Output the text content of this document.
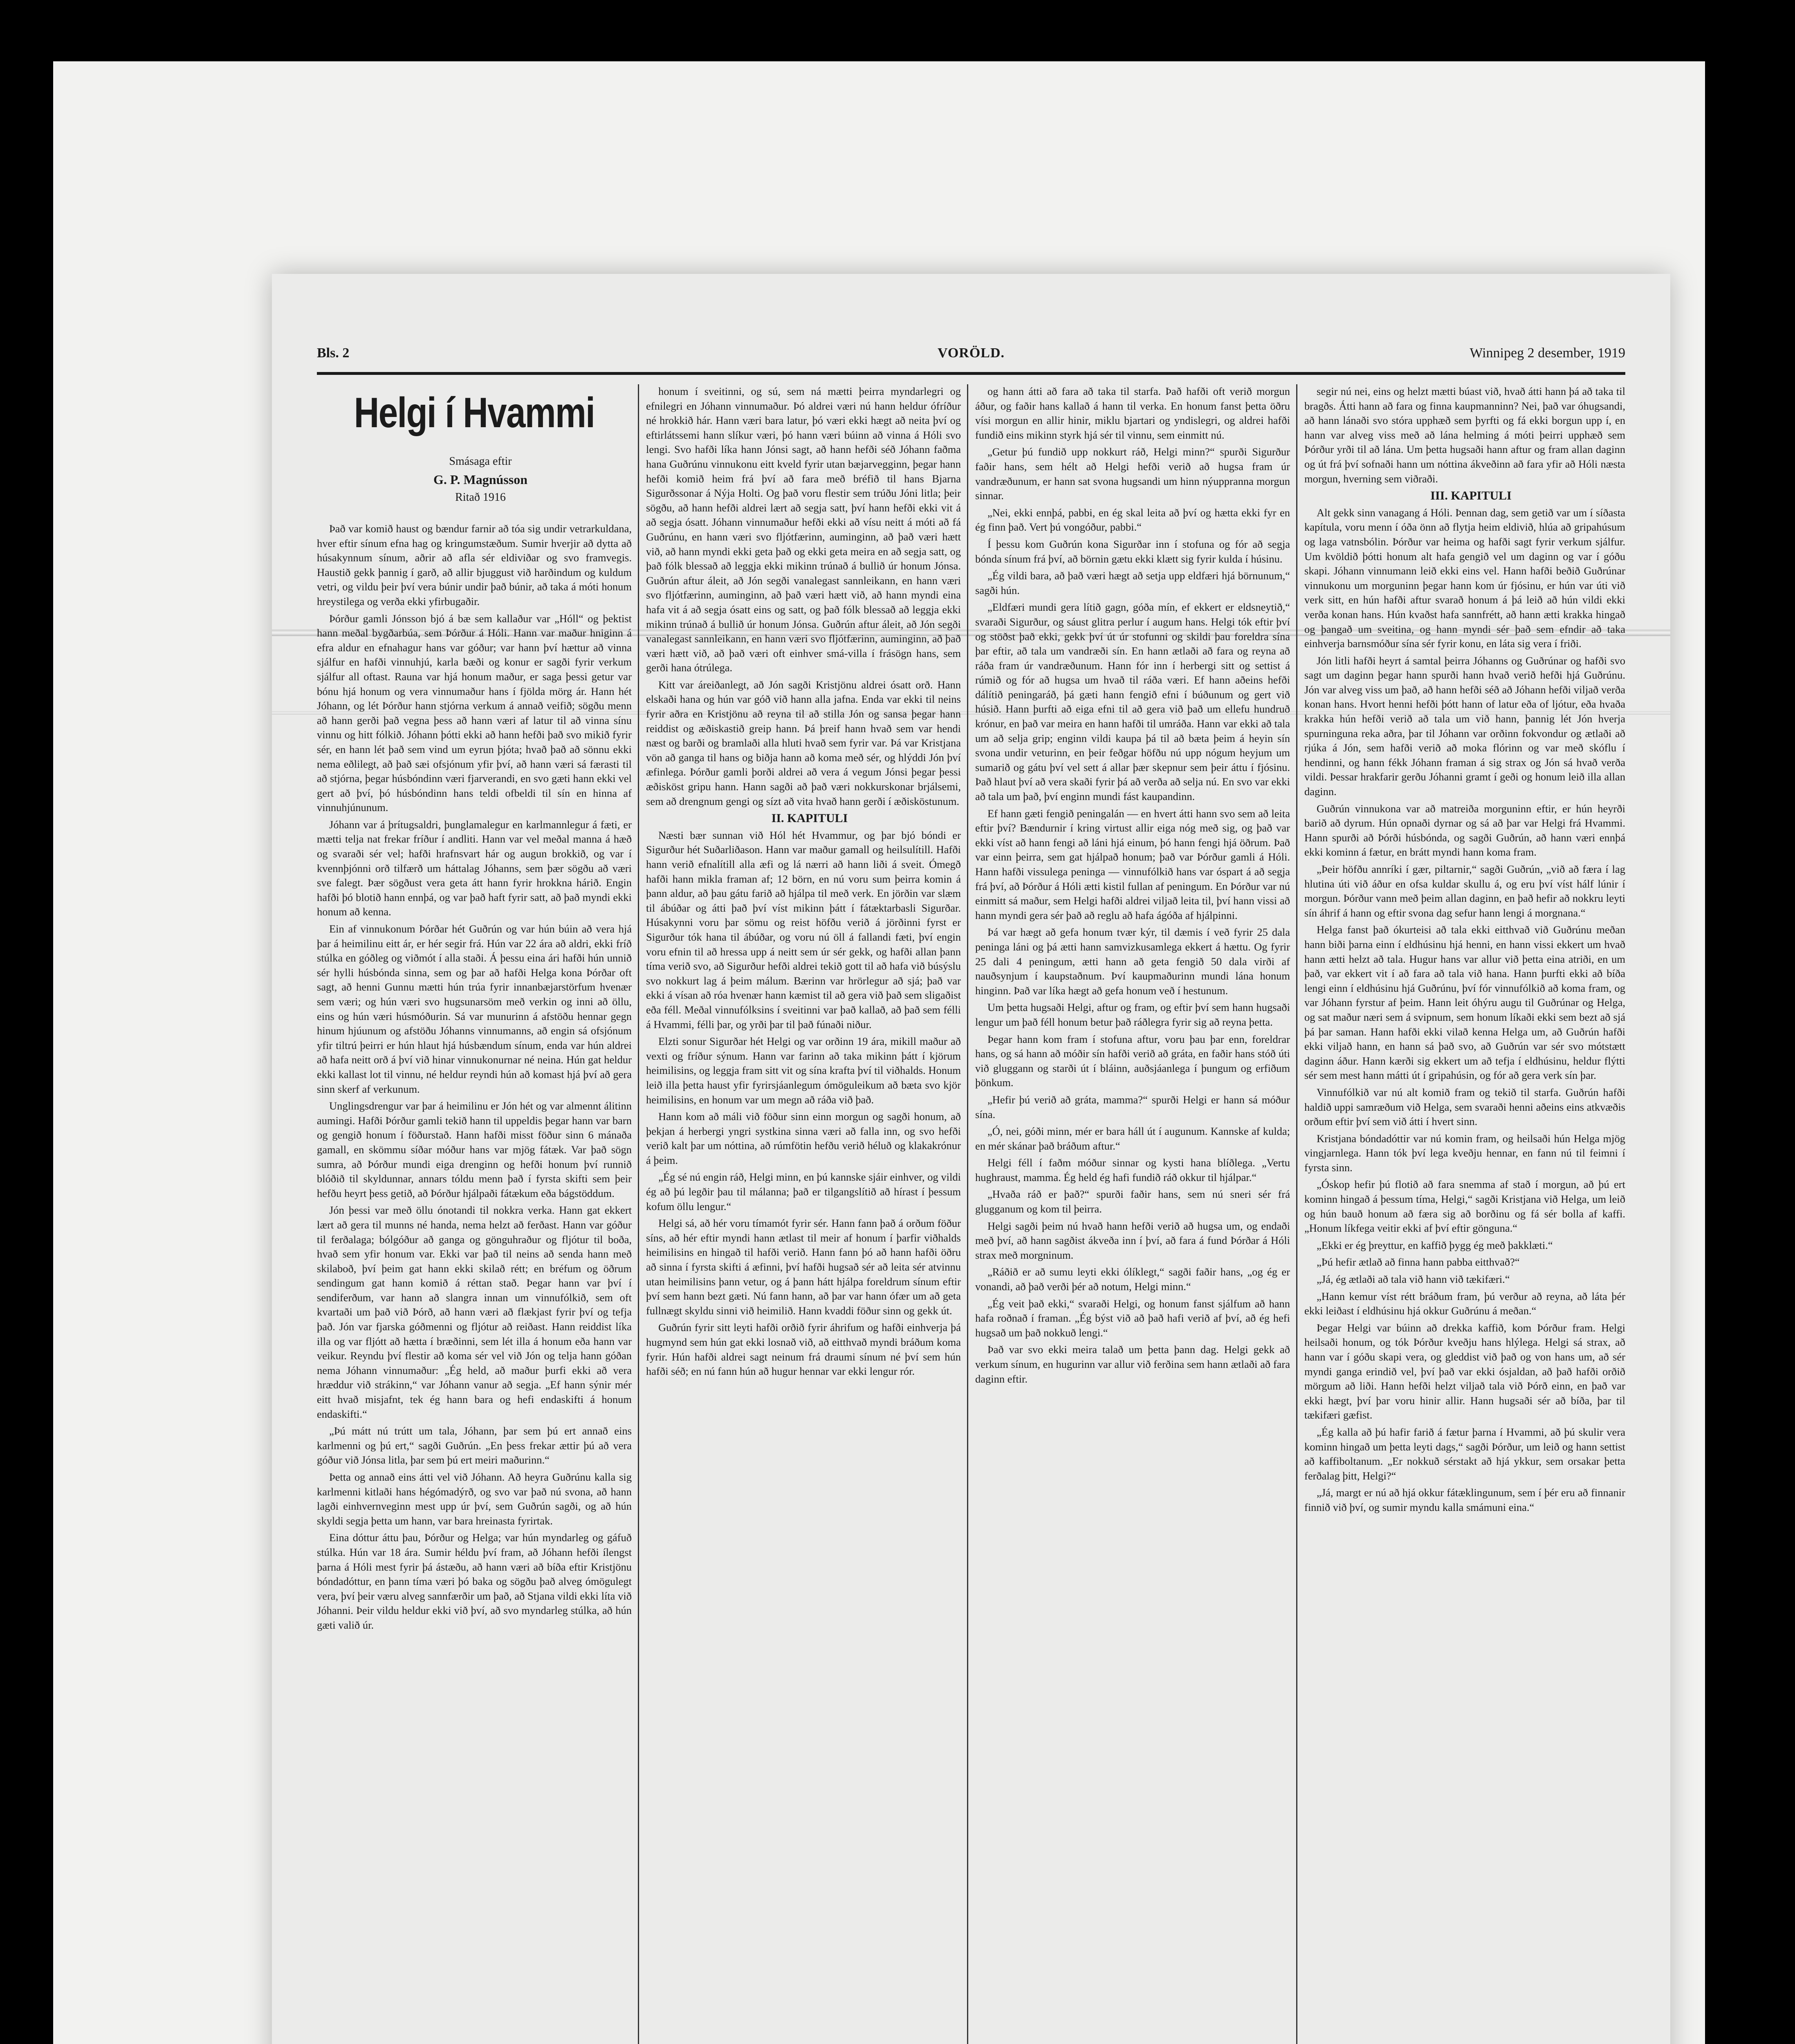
Bls. 2	VORÖLD.	Winnipeg 2 desember, 1919
Helgi í Hvammi

Smásaga eftir

G. P. Magnússon

Ritað 1916

Það var komið haust og bændur farnir að tóa sig undir vetrarkuldana, hver eftir sínum efna hag og kringumstæðum. Sumir hverjir að dytta að húsakynnum sínum, aðrir að afla sér eldiviðar og svo framvegis. Haustið gekk þannig í garð, að allir bjuggust við harðindum og kuldum vetri, og vildu þeir því vera búnir undir það búnir, að taka á móti honum hreystilega og verða ekki yfirbugaðir.

Þórður gamli Jónsson bjó á bæ sem kallaður var „Hóll“ og þektist hann meðal bygðarbúa, sem Þórður á Hóli. Hann var maður hniginn á efra aldur en efnahagur hans var góður; var hann því hættur að vinna sjálfur en hafði vinnuhjú, karla bæði og konur er sagði fyrir verkum sjálfur all oftast. Rauna var hjá honum maður, er saga þessi getur var bónu hjá honum og vera vinnumaður hans í fjölda mörg ár. Hann hét Jóhann, og lét Þórður hann stjórna verkum á annað veifið; sögðu menn að hann gerði það vegna þess að hann væri af latur til að vinna sínu vinnu og hitt fólkið. Jóhann þótti ekki að hann hefði það svo mikið fyrir sér, en hann lét það sem vind um eyrun þjóta; hvað það að sönnu ekki nema eðlilegt, að það sæi ofsjónum yfir því, að hann væri sá færasti til að stjórna, þegar húsbóndinn væri fjarverandi, en svo gæti hann ekki vel gert að því, þó húsbóndinn hans teldi ofbeldi til sín en hinna af vinnuhjúnunum.

Jóhann var á þrítugsaldri, þunglamalegur en karlmannlegur á fæti, er mætti telja nat frekar fríður í andliti. Hann var vel meðal manna á hæð og svaraði sér vel; hafði hrafnsvart hár og augun brokkið, og var í kvennþjónni orð tilfærð um háttalag Jóhanns, sem þær sögðu að væri sve falegt. Þær sögðust vera geta átt hann fyrir hrokkna hárið. Engin hafði þó blotið hann ennþá, og var það haft fyrir satt, að það myndi ekki honum að kenna.

Ein af vinnukonum Þórðar hét Guðrún og var hún búin að vera hjá þar á heimilinu eitt ár, er hér segir frá. Hún var 22 ára að aldri, ekki fríð stúlka en góðleg og viðmót í alla staði. Á þessu eina ári hafði hún unnið sér hylli húsbónda sinna, sem og þar að hafði Helga kona Þórðar oft sagt, að henni Gunnu mætti hún trúa fyrir innanbæjarstörfum hvenær sem væri; og hún væri svo hugsunarsöm með verkin og inni að öllu, eins og hún væri húsmóðurin. Sá var munurinn á afstöðu hennar gegn hinum hjúunum og afstöðu Jóhanns vinnumanns, að engin sá ofsjónum yfir tiltrú þeirri er hún hlaut hjá húsbændum sínum, enda var hún aldrei að hafa neitt orð á því við hinar vinnukonurnar né neina. Hún gat heldur ekki kallast lot til vinnu, né heldur reyndi hún að komast hjá því að gera sinn skerf af verkunum.

Unglingsdrengur var þar á heimilinu er Jón hét og var almennt álitinn aumingi. Hafði Þórður gamli tekið hann til uppeldis þegar hann var barn og gengið honum í föðurstað. Hann hafði misst föður sinn 6 mánaða gamall, en skömmu síðar móður hans var mjög fátæk. Var það sögn sumra, að Þórður mundi eiga drenginn og hefði honum því runnið blóðið til skyldunnar, annars tóldu menn það í fyrsta skifti sem þeir hefðu heyrt þess getið, að Þórður hjálpaði fátækum eða bágstöddum.

Jón þessi var með öllu ónotandi til nokkra verka. Hann gat ekkert lært að gera til munns né handa, nema helzt að ferðast. Hann var góður til ferðalaga; bólgóður að ganga og gönguhraður og fljótur til boða, hvað sem yfir honum var. Ekki var það til neins að senda hann með skilaboð, því þeim gat hann ekki skilað rétt; en bréfum og öðrum sendingum gat hann komið á réttan stað. Þegar hann var því í sendiferðum, var hann að slangra innan um vinnufólkið, sem oft kvartaði um það við Þórð, að hann væri að flækjast fyrir því og tefja það. Jón var fjarska góðmenni og fljótur að reiðast. Hann reiddist líka illa og var fljótt að hætta í bræðinni, sem lét illa á honum eða hann var veikur. Reyndu því flestir að koma sér vel við Jón og telja hann góðan nema Jóhann vinnumaður: „Ég held, að maður þurfi ekki að vera hræddur við strákinn,“ var Jóhann vanur að segja. „Ef hann sýnir mér eitt hvað misjafnt, tek ég hann bara og hefi endaskifti á honum endaskifti.“

„Þú mátt nú trútt um tala, Jóhann, þar sem þú ert annað eins karlmenni og þú ert,“ sagði Guðrún. „En þess frekar ættir þú að vera góður við Jónsa litla, þar sem þú ert meiri maðurinn.“

Þetta og annað eins átti vel við Jóhann. Að heyra Guðrúnu kalla sig karlmenni kitlaði hans hégómadýrð, og svo var það nú svona, að hann lagði einhvernveginn mest upp úr því, sem Guðrún sagði, og að hún skyldi segja þetta um hann, var bara hreinasta fyrirtak.

Eina dóttur áttu þau, Þórður og Helga; var hún myndarleg og gáfuð stúlka. Hún var 18 ára. Sumir héldu því fram, að Jóhann hefði ílengst þarna á Hóli mest fyrir þá ástæðu, að hann væri að bíða eftir Kristjönu bóndadóttur, en þann tíma væri þó baka og sögðu það alveg ómögulegt vera, því þeir væru alveg sannfærðir um það, að Stjana vildi ekki líta við Jóhanni. Þeir vildu heldur ekki við því, að svo myndarleg stúlka, að hún gæti valið úr.

honum í sveitinni, og sú, sem ná mætti þeirra myndarlegri og efnilegri en Jóhann vinnumaður. Þó aldrei væri nú hann heldur ófríður né hrokkið hár. Hann væri bara latur, þó væri ekki hægt að neita því og eftirlátssemi hann slíkur væri, þó hann væri búinn að vinna á Hóli svo lengi. Svo hafði líka hann Jónsi sagt, að hann hefði séð Jóhann faðma hana Guðrúnu vinnukonu eitt kveld fyrir utan bæjarvegginn, þegar hann hefði komið heim frá því að fara með bréfið til hans Bjarna Sigurðssonar á Nýja Holti. Og það voru flestir sem trúðu Jóni litla; þeir sögðu, að hann hefði aldrei lært að segja satt, því hann hefði ekki vit á að segja ósatt. Jóhann vinnumaður hefði ekki að vísu neitt á móti að fá Guðrúnu, en hann væri svo fljótfærinn, auminginn, að það væri hætt við, að hann myndi ekki geta það og ekki geta meira en að segja satt, og það fólk blessað að leggja ekki mikinn trúnað á bullið úr honum Jónsa. Guðrún aftur áleit, að Jón segði vanalegast sannleikann, en hann væri svo fljótfærinn, auminginn, að það væri hætt við, að hann myndi eina hafa vit á að segja ósatt eins og satt, og það fólk blessað að leggja ekki mikinn trúnað á bullið úr honum Jónsa. Guðrún aftur áleit, að Jón segði vanalegast sannleikann, en hann væri svo fljótfærinn, auminginn, að það væri hætt við, að það væri oft einhver smá-villa í frásögn hans, sem gerði hana ótrúlega.

Kitt var áreiðanlegt, að Jón sagði Kristjönu aldrei ósatt orð. Hann elskaði hana og hún var góð við hann alla jafna. Enda var ekki til neins fyrir aðra en Kristjönu að reyna til að stilla Jón og sansa þegar hann reiddist og æðiskastið greip hann. Þá þreif hann hvað sem var hendi næst og barði og bramlaði alla hluti hvað sem fyrir var. Þá var Kristjana vön að ganga til hans og biðja hann að koma með sér, og hlýddi Jón því æfinlega. Þórður gamli þorði aldrei að vera á vegum Jónsi þegar þessi æðisköst gripu hann. Hann sagði að það væri nokkurskonar brjálsemi, sem að drengnum gengi og sízt að vita hvað hann gerði í æðisköstunum.

II. KAPITULI

Næsti bær sunnan við Hól hét Hvammur, og þar bjó bóndi er Sigurður hét Suðarliðason. Hann var maður gamall og heilsulítill. Hafði hann verið efnalítill alla æfi og lá nærri að hann liði á sveit. Ómegð hafði hann mikla framan af; 12 börn, en nú voru sum þeirra komin á þann aldur, að þau gátu farið að hjálpa til með verk. En jörðin var slæm til ábúðar og átti það því víst mikinn þátt í fátæktarbasli Sigurðar. Húsakynni voru þar sömu og reist höfðu verið á jörðinni fyrst er Sigurður tók hana til ábúðar, og voru nú öll á fallandi fæti, því engin voru efnin til að hressa upp á neitt sem úr sér gekk, og hafði allan þann tíma verið svo, að Sigurður hefði aldrei tekið gott til að hafa við búsýslu svo nokkurt lag á þeim málum. Bærinn var hrörlegur að sjá; það var ekki á vísan að róa hvenær hann kæmist til að gera við það sem sligaðist eða féll. Meðal vinnufólksins í sveitinni var það kallað, að það sem félli á Hvammi, félli þar, og yrði þar til það fúnaði niður.

Elzti sonur Sigurðar hét Helgi og var orðinn 19 ára, mikill maður að vexti og fríður sýnum. Hann var farinn að taka mikinn þátt í kjörum heimilisins, og leggja fram sitt vit og sína krafta því til viðhalds. Honum leið illa þetta haust yfir fyrirsjáanlegum ómöguleikum að bæta svo kjör heimilisins, en honum var um megn að ráða við það.

Hann kom að máli við föður sinn einn morgun og sagði honum, að þekjan á herbergi yngri systkina sinna væri að falla inn, og svo hefði verið kalt þar um nóttina, að rúmfötin hefðu verið héluð og klakakrónur á þeim.

„Ég sé nú engin ráð, Helgi minn, en þú kannske sjáir einhver, og vildi ég að þú legðir þau til málanna; það er tilgangslítið að hírast í þessum kofum öllu lengur.“

Helgi sá, að hér voru tímamót fyrir sér. Hann fann það á orðum föður síns, að hér eftir myndi hann ætlast til meir af honum í þarfir viðhalds heimilisins en hingað til hafði verið. Hann fann þó að hann hafði öðru að sinna í fyrsta skifti á æfinni, því hafði hugsað sér að leita sér atvinnu utan heimilisins þann vetur, og á þann hátt hjálpa foreldrum sínum eftir því sem hann bezt gæti. Nú fann hann, að þar var hann ófær um að geta fullnægt skyldu sinni við heimilið. Hann kvaddi föður sinn og gekk út.

Guðrún fyrir sitt leyti hafði orðið fyrir áhrifum og hafði einhverja þá hugmynd sem hún gat ekki losnað við, að eitthvað myndi bráðum koma fyrir. Hún hafði aldrei sagt neinum frá draumi sínum né því sem hún hafði séð; en nú fann hún að hugur hennar var ekki lengur rór.

og hann átti að fara að taka til starfa. Það hafði oft verið morgun áður, og faðir hans kallað á hann til verka. En honum fanst þetta öðru vísi morgun en allir hinir, miklu bjartari og yndislegri, og aldrei hafði fundið eins mikinn styrk hjá sér til vinnu, sem einmitt nú.

„Getur þú fundið upp nokkurt ráð, Helgi minn?“ spurði Sigurður faðir hans, sem hélt að Helgi hefði verið að hugsa fram úr vandræðunum, er hann sat svona hugsandi um hinn nýuppranna morgun sinnar.

„Nei, ekki ennþá, pabbi, en ég skal leita að því og hætta ekki fyr en ég finn það. Vert þú vongóður, pabbi.“

Í þessu kom Guðrún kona Sigurðar inn í stofuna og fór að segja bónda sínum frá því, að börnin gætu ekki klætt sig fyrir kulda í húsinu.

„Ég vildi bara, að það væri hægt að setja upp eldfæri hjá börnunum,“ sagði hún.

„Eldfæri mundi gera lítið gagn, góða mín, ef ekkert er eldsneytið,“ svaraði Sigurður, og sáust glitra perlur í augum hans. Helgi tók eftir því og stöðst það ekki, gekk því út úr stofunni og skildi þau foreldra sína þar eftir, að tala um vandræði sín. En hann ætlaði að fara og reyna að ráða fram úr vandræðunum. Hann fór inn í herbergi sitt og settist á rúmið og fór að hugsa um hvað til ráða væri. Ef hann aðeins hefði dálítið peningaráð, þá gæti hann fengið efni í búðunum og gert við húsið. Hann þurfti að eiga efni til að gera við það um ellefu hundruð krónur, en það var meira en hann hafði til umráða. Hann var ekki að tala um að selja grip; enginn vildi kaupa þá til að bæta þeim á heyin sín svona undir veturinn, en þeir feðgar höfðu nú upp nógum heyjum um sumarið og gátu því vel sett á allar þær skepnur sem þeir áttu í fjósinu. Það hlaut því að vera skaði fyrir þá að verða að selja nú. En svo var ekki að tala um það, því enginn mundi fást kaupandinn.

Ef hann gæti fengið peningalán — en hvert átti hann svo sem að leita eftir því? Bændurnir í kring virtust allir eiga nóg með sig, og það var ekki víst að hann fengi að láni hjá einum, þó hann fengi hjá öðrum. Það var einn þeirra, sem gat hjálpað honum; það var Þórður gamli á Hóli. Hann hafði vissulega peninga — vinnufólkið hans var óspart á að segja frá því, að Þórður á Hóli ætti kistil fullan af peningum. En Þórður var nú einmitt sá maður, sem Helgi hafði aldrei viljað leita til, því hann vissi að hann myndi gera sér það að reglu að hafa ágóða af hjálpinni.

Þá var hægt að gefa honum tvær kýr, til dæmis í veð fyrir 25 dala peninga láni og þá ætti hann samvizkusamlega ekkert á hættu. Og fyrir 25 dali 4 peningum, ætti hann að geta fengið 50 dala virði af nauðsynjum í kaupstaðnum. Því kaupmaðurinn mundi lána honum hinginn. Það var líka hægt að gefa honum veð í hestunum.

Um þetta hugsaði Helgi, aftur og fram, og eftir því sem hann hugsaði lengur um það féll honum betur það ráðlegra fyrir sig að reyna þetta.

Þegar hann kom fram í stofuna aftur, voru þau þar enn, foreldrar hans, og sá hann að móðir sín hafði verið að gráta, en faðir hans stóð úti við gluggann og starði út í bláinn, auðsjáanlega í þungum og erfiðum þönkum.

„Hefir þú verið að gráta, mamma?“ spurði Helgi er hann sá móður sína.

„Ó, nei, góði minn, mér er bara háll út í augunum. Kannske af kulda; en mér skánar það bráðum aftur.“

Helgi féll í faðm móður sinnar og kysti hana blíðlega. „Vertu hughraust, mamma. Ég held ég hafi fundið ráð okkur til hjálpar.“

„Hvaða ráð er það?“ spurði faðir hans, sem nú sneri sér frá glugganum og kom til þeirra.

Helgi sagði þeim nú hvað hann hefði verið að hugsa um, og endaði með því, að hann sagðist ákveða inn í því, að fara á fund Þórðar á Hóli strax með morgninum.

„Ráðið er að sumu leyti ekki ólíklegt,“ sagði faðir hans, „og ég er vonandi, að það verði þér að notum, Helgi minn.“

„Ég veit það ekki,“ svaraði Helgi, og honum fanst sjálfum að hann hafa roðnað í framan. „Ég býst við að það hafi verið af því, að ég hefi hugsað um það nokkuð lengi.“

Það var svo ekki meira talað um þetta þann dag. Helgi gekk að verkum sínum, en hugurinn var allur við ferðina sem hann ætlaði að fara daginn eftir.

segir nú nei, eins og helzt mætti búast við, hvað átti hann þá að taka til bragðs. Átti hann að fara og finna kaupmanninn? Nei, það var óhugsandi, að hann lánaði svo stóra upphæð sem þyrfti og fá ekki borgun upp í, en hann var alveg viss með að lána helming á móti þeirri upphæð sem Þórður yrði til að lána. Um þetta hugsaði hann aftur og fram allan daginn og út frá því sofnaði hann um nóttina ákveðinn að fara yfir að Hóli næsta morgun, hverning sem viðraði.

III. KAPITULI

Alt gekk sinn vanagang á Hóli. Þennan dag, sem getið var um í síðasta kapítula, voru menn í óða önn að flytja heim eldivið, hlúa að gripahúsum og laga vatnsbólin. Þórður var heima og hafði sagt fyrir verkum sjálfur. Um kvöldið þótti honum alt hafa gengið vel um daginn og var í góðu skapi. Jóhann vinnumann leið ekki eins vel. Hann hafði beðið Guðrúnar vinnukonu um morguninn þegar hann kom úr fjósinu, er hún var úti við verk sitt, en hún hafði aftur svarað honum á þá leið að hún vildi ekki verða konan hans. Hún kvaðst hafa sannfrétt, að hann ætti krakka hingað og þangað um sveitina, og hann myndi sér það sem efndir að taka einhverja barnsmóður sína sér fyrir konu, en láta sig vera í friði.

Jón litli hafði heyrt á samtal þeirra Jóhanns og Guðrúnar og hafði svo sagt um daginn þegar hann spurði hann hvað verið hefði hjá Guðrúnu. Jón var alveg viss um það, að hann hefði séð að Jóhann hefði viljað verða konan hans. Hvort henni hefði þótt hann of latur eða of ljótur, eða hvaða krakka hún hefði verið að tala um við hann, þannig lét Jón hverja spurninguna reka aðra, þar til Jóhann var orðinn fokvondur og ætlaði að rjúka á Jón, sem hafði verið að moka flórinn og var með skóflu í hendinni, og hann fékk Jóhann framan á sig strax og Jón sá hvað verða vildi. Þessar hrakfarir gerðu Jóhanni gramt í geði og honum leið illa allan daginn.

Guðrún vinnukona var að matreiða morguninn eftir, er hún heyrði barið að dyrum. Hún opnaði dyrnar og sá að þar var Helgi frá Hvammi. Hann spurði að Þórði húsbónda, og sagði Guðrún, að hann væri ennþá ekki kominn á fætur, en brátt myndi hann koma fram.

„Þeir höfðu annríki í gær, piltarnir,“ sagði Guðrún, „við að færa í lag hlutina úti við áður en ofsa kuldar skullu á, og eru því víst hálf lúnir í morgun. Þórður vann með þeim allan daginn, en það hefir að nokkru leyti sín áhrif á hann og eftir svona dag sefur hann lengi á morgnana.“

Helga fanst það ókurteisi að tala ekki eitthvað við Guðrúnu meðan hann biði þarna einn í eldhúsinu hjá henni, en hann vissi ekkert um hvað hann ætti helzt að tala. Hugur hans var allur við þetta eina atriði, en um það, var ekkert vit í að fara að tala við hana. Hann þurfti ekki að bíða lengi einn í eldhúsinu hjá Guðrúnu, því fór vinnufólkið að koma fram, og var Jóhann fyrstur af þeim. Hann leit óhýru augu til Guðrúnar og Helga, og sat maður næri sem á svipnum, sem honum líkaði ekki sem bezt að sjá þá þar saman. Hann hafði ekki vilað kenna Helga um, að Guðrún hafði ekki viljað hann, en hann sá það svo, að Guðrún var sér svo mótstætt daginn áður. Hann kærði sig ekkert um að tefja í eldhúsinu, heldur flýtti sér sem mest hann mátti út í gripahúsin, og fór að gera verk sín þar.

Vinnufólkið var nú alt komið fram og tekið til starfa. Guðrún hafði haldið uppi samræðum við Helga, sem svaraði henni aðeins eins atkvæðis orðum eftir því sem við átti í hvert sinn.

Kristjana bóndadóttir var nú komin fram, og heilsaði hún Helga mjög vingjarnlega. Hann tók því lega kveðju hennar, en fann nú til feimni í fyrsta sinn.

„Óskop hefir þú flotið að fara snemma af stað í morgun, að þú ert kominn hingað á þessum tíma, Helgi,“ sagði Kristjana við Helga, um leið og hún bauð honum að færa sig að borðinu og fá sér bolla af kaffi. „Honum líkfega veitir ekki af því eftir gönguna.“

„Ekki er ég þreyttur, en kaffið þygg ég með þakklæti.“

„Þú hefir ætlað að finna hann pabba eitthvað?“

„Já, ég ætlaði að tala við hann við tækifæri.“

„Hann kemur víst rétt bráðum fram, þú verður að reyna, að láta þér ekki leiðast í eldhúsinu hjá okkur Guðrúnu á meðan.“

Þegar Helgi var búinn að drekka kaffið, kom Þórður fram. Helgi heilsaði honum, og tók Þórður kveðju hans hlýlega. Helgi sá strax, að hann var í góðu skapi vera, og gleddist við það og von hans um, að sér myndi ganga erindið vel, því það var ekki ósjaldan, að það hafði orðið mörgum að liði. Hann hefði helzt viljað tala við Þórð einn, en það var ekki hægt, því þar voru hinir allir. Hann hugsaði sér að bíða, þar til tækifæri gæfist.

„Ég kalla að þú hafir farið á fætur þarna í Hvammi, að þú skulir vera kominn hingað um þetta leyti dags,“ sagði Þórður, um leið og hann settist að kaffiboltanum. „Er nokkuð sérstakt að hjá ykkur, sem orsakar þetta ferðalag þitt, Helgi?“

„Já, margt er nú að hjá okkur fátæklingunum, sem í þér eru að finnanir finnið við því, og sumir myndu kalla smámuni eina.“
